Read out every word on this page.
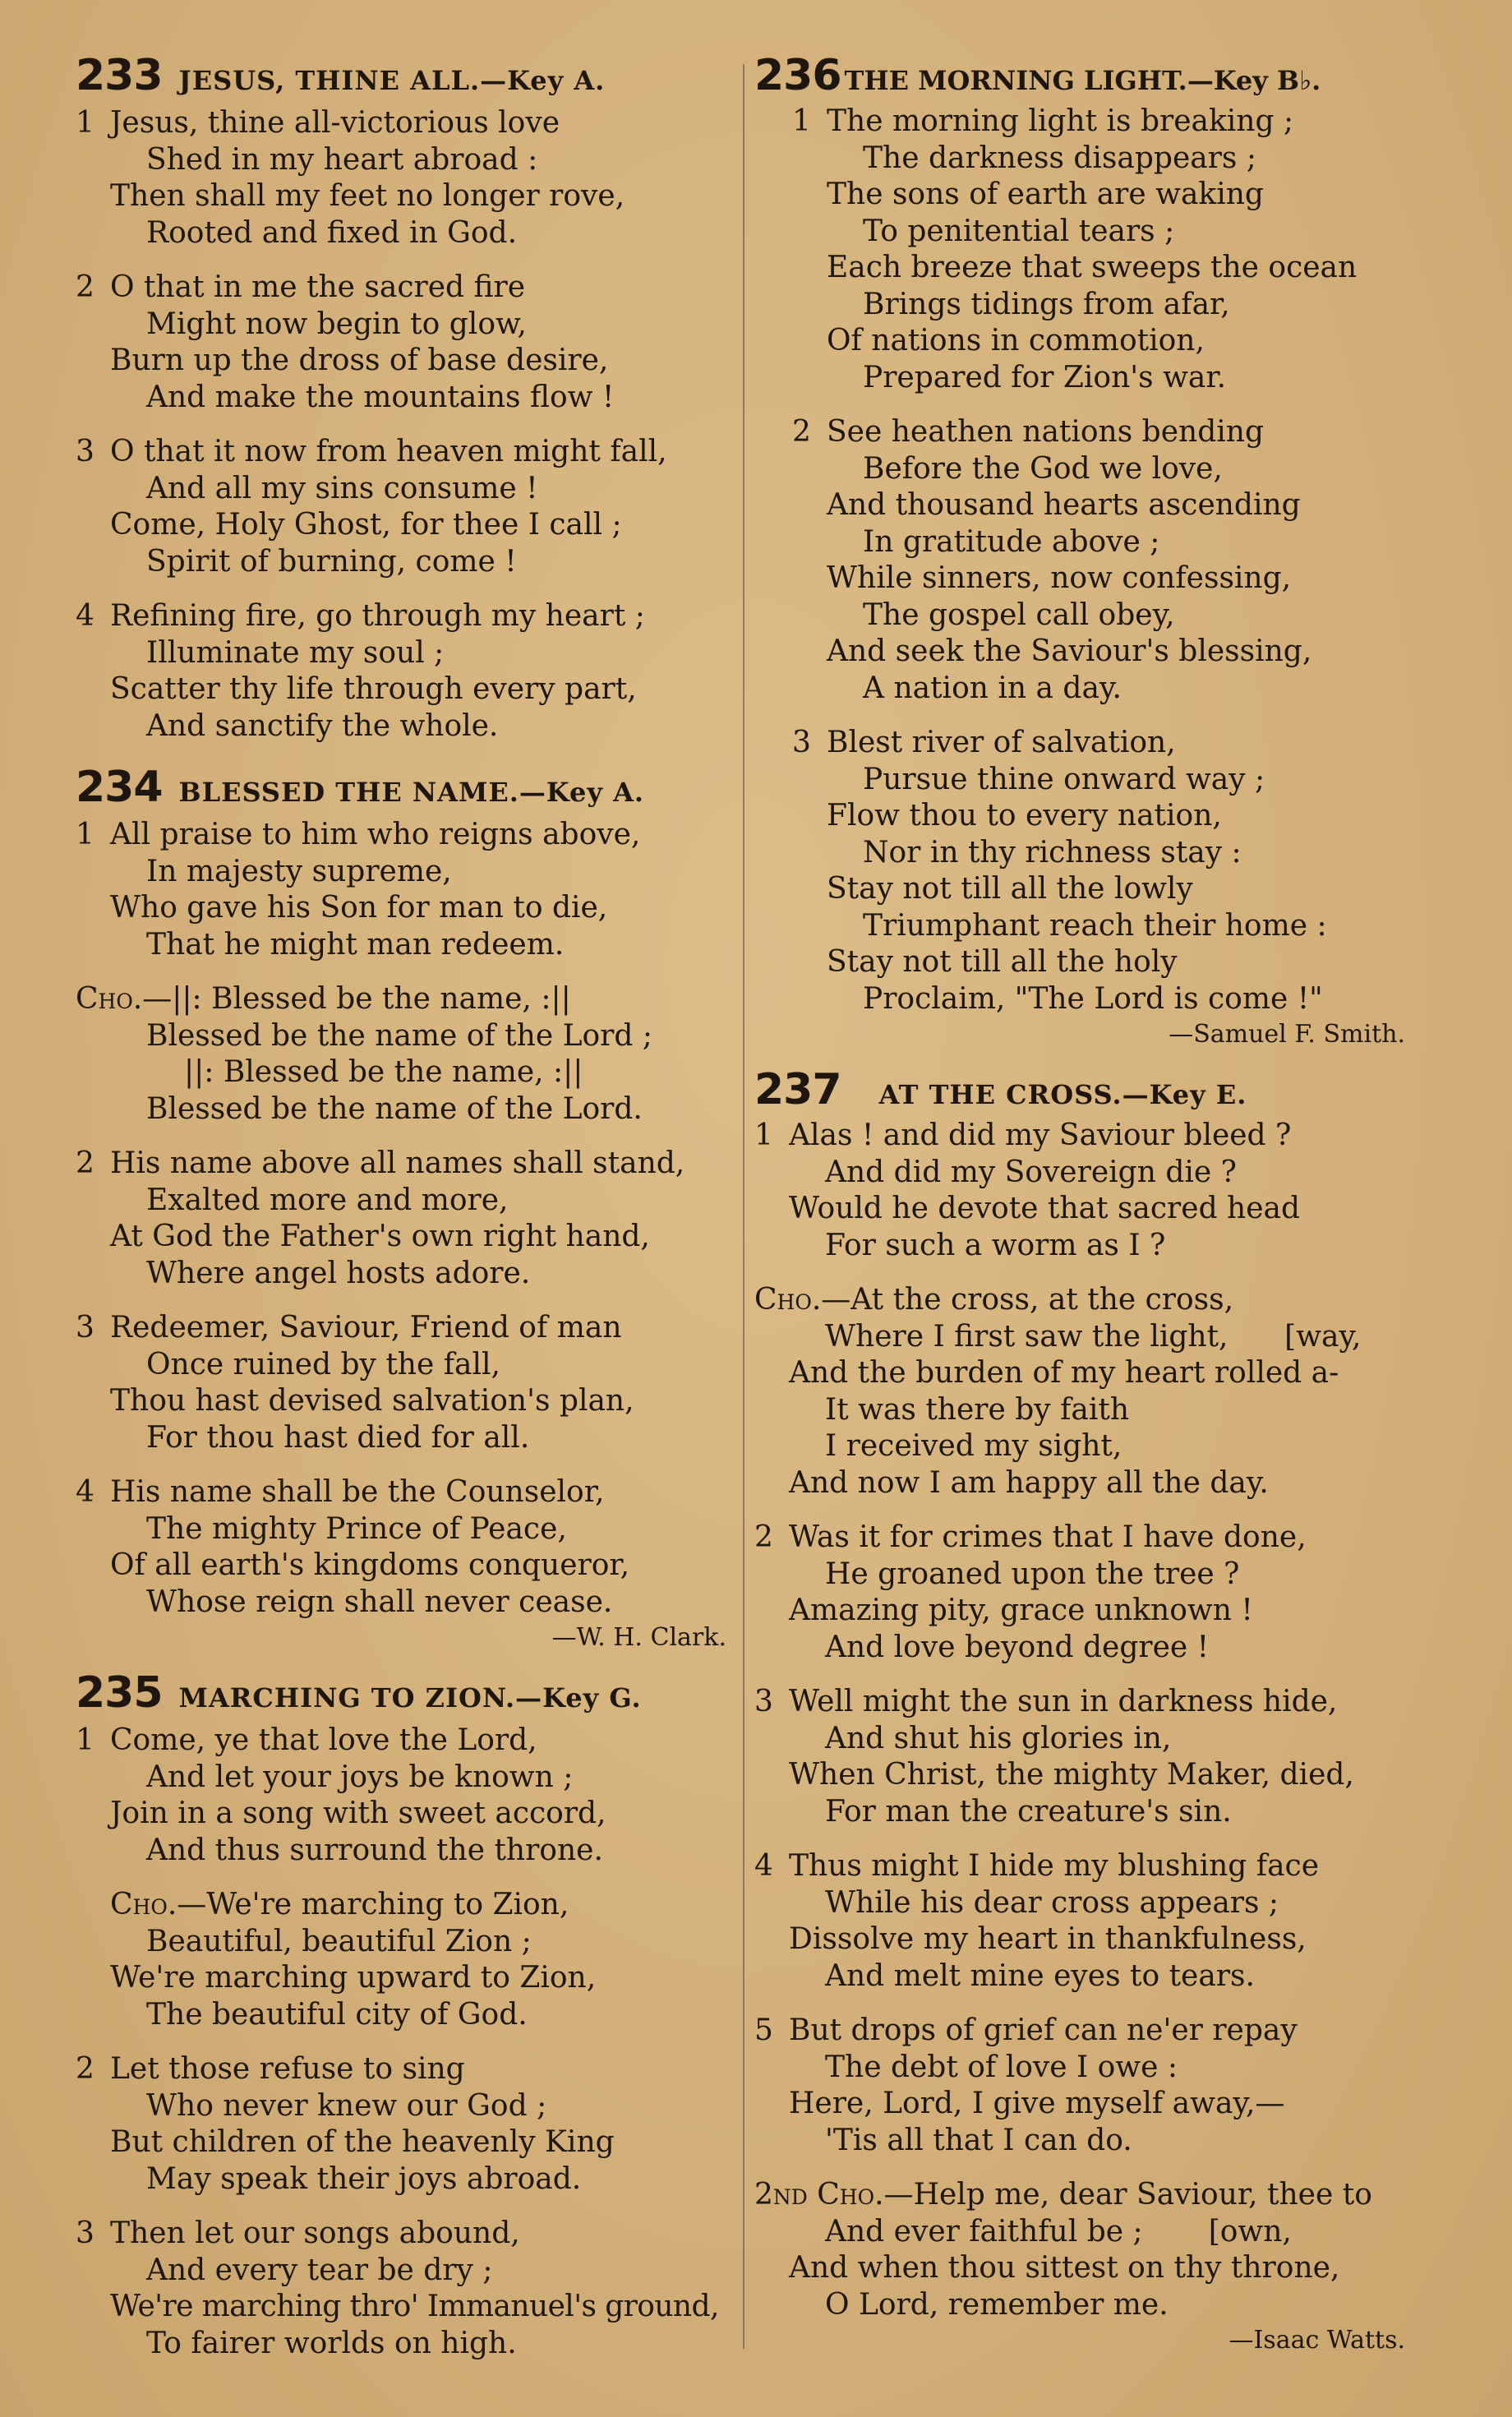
233 JESUS, THINE ALL.—Key A.
1 Jesus, thine all-victorious love
Shed in my heart abroad :
Then shall my feet no longer rove,
Rooted and fixed in God.
2 O that in me the sacred fire
Might now begin to glow,
Burn up the dross of base desire,
And make the mountains flow !
3 O that it now from heaven might fall,
And all my sins consume !
Come, Holy Ghost, for thee I call ;
Spirit of burning, come !
4 Refining fire, go through my heart ;
Illuminate my soul ;
Scatter thy life through every part,
And sanctify the whole.
234 BLESSED THE NAME.—Key A.
1 All praise to him who reigns above,
In majesty supreme,
Who gave his Son for man to die,
That he might man redeem.
Cho.— ||: Blessed be the name, :||
Blessed be the name of the Lord ;
||: Blessed be the name, :||
Blessed be the name of the Lord.
2 His name above all names shall stand,
Exalted more and more,
At God the Father's own right hand,
Where angel hosts adore.
3 Redeemer, Saviour, Friend of man
Once ruined by the fall,
Thou hast devised salvation's plan,
For thou hast died for all.
4 His name shall be the Counselor,
The mighty Prince of Peace,
Of all earth's kingdoms conqueror,
Whose reign shall never cease.
—W. H. Clark.
235 MARCHING TO ZION.—Key G.
1 Come, ye that love the Lord,
And let your joys be known ;
Join in a song with sweet accord,
And thus surround the throne.
Cho.— We're marching to Zion,
Beautiful, beautiful Zion ;
We're marching upward to Zion,
The beautiful city of God.
2 Let those refuse to sing
Who never knew our God ;
But children of the heavenly King
May speak their joys abroad.
3 Then let our songs abound,
And every tear be dry ;
We're marching thro' Immanuel's ground,
To fairer worlds on high.
236 THE MORNING LIGHT.—Key B♭.
1 The morning light is breaking ;
The darkness disappears ;
The sons of earth are waking
To penitential tears ;
Each breeze that sweeps the ocean
Brings tidings from afar,
Of nations in commotion,
Prepared for Zion's war.
2 See heathen nations bending
Before the God we love,
And thousand hearts ascending
In gratitude above ;
While sinners, now confessing,
The gospel call obey,
And seek the Saviour's blessing,
A nation in a day.
3 Blest river of salvation,
Pursue thine onward way ;
Flow thou to every nation,
Nor in thy richness stay :
Stay not till all the lowly
Triumphant reach their home :
Stay not till all the holy
Proclaim, "The Lord is come !"
—Samuel F. Smith.
237 AT THE CROSS.—Key E.
1 Alas ! and did my Saviour bleed ?
And did my Sovereign die ?
Would he devote that sacred head
For such a worm as I ?
Cho.— At the cross, at the cross,
Where I first saw the light,      [way,
And the burden of my heart rolled a-
It was there by faith
I received my sight,
And now I am happy all the day.
2 Was it for crimes that I have done,
He groaned upon the tree ?
Amazing pity, grace unknown !
And love beyond degree !
3 Well might the sun in darkness hide,
And shut his glories in,
When Christ, the mighty Maker, died,
For man the creature's sin.
4 Thus might I hide my blushing face
While his dear cross appears ;
Dissolve my heart in thankfulness,
And melt mine eyes to tears.
5 But drops of grief can ne'er repay
The debt of love I owe :
Here, Lord, I give myself away,—
'Tis all that I can do.
2nd Cho.— Help me, dear Saviour, thee to
And ever faithful be ;       [own,
And when thou sittest on thy throne,
O Lord, remember me.
—Isaac Watts.
